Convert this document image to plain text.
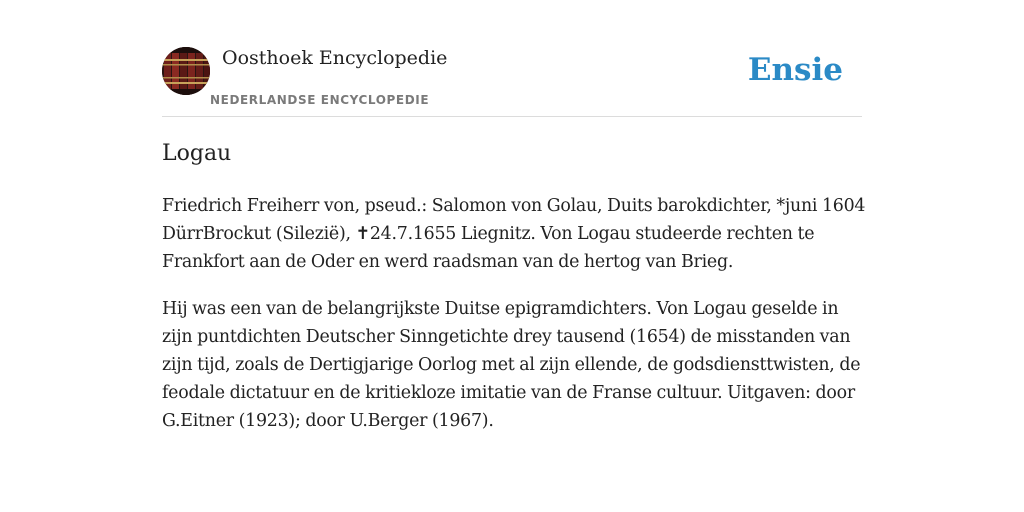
Oosthoek Encyclopedie
NEDERLANDSE ENCYCLOPEDIE
Ensie
Logau

Friedrich Freiherr von, pseud.: Salomon von Golau, Duits barokdichter, *juni 1604 DürrBrockut (Silezië), ✝24.7.1655 Liegnitz. Von Logau studeerde rechten te Frankfort aan de Oder en werd raadsman van de hertog van Brieg.

Hij was een van de belangrijkste Duitse epigramdichters. Von Logau geselde in zijn puntdichten Deutscher Sinngetichte drey tausend (1654) de misstanden van zijn tijd, zoals de Dertigjarige Oorlog met al zijn ellende, de godsdiensttwisten, de feodale dictatuur en de kritiekloze imitatie van de Franse cultuur. Uitgaven: door G.Eitner (1923); door U.Berger (1967).
